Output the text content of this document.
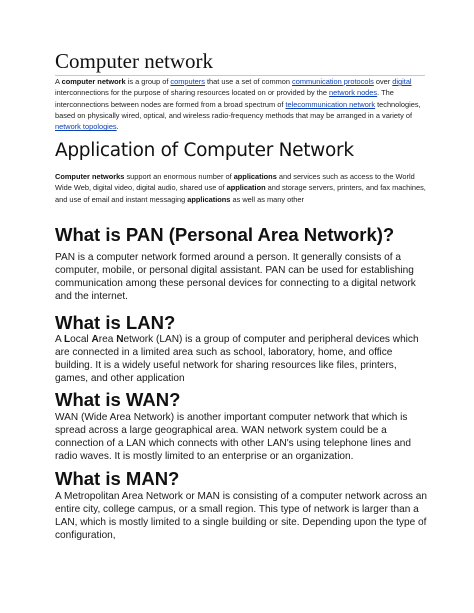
Computer network

A computer network is a group of computers that use a set of common communication protocols over digital interconnections for the purpose of sharing resources located on or provided by the network nodes. The interconnections between nodes are formed from a broad spectrum of telecommunication network technologies, based on physically wired, optical, and wireless radio-frequency methods that may be arranged in a variety of network topologies.

Application of Computer Network

Computer networks support an enormous number of applications and services such as access to the World Wide Web, digital video, digital audio, shared use of application and storage servers, printers, and fax machines, and use of email and instant messaging applications as well as many other

What is PAN (Personal Area Network)?

PAN is a computer network formed around a person. It generally consists of a computer, mobile, or personal digital assistant. PAN can be used for establishing communication among these personal devices for connecting to a digital network and the internet.

What is LAN?

A Local Area Network (LAN) is a group of computer and peripheral devices which are connected in a limited area such as school, laboratory, home, and office building. It is a widely useful network for sharing resources like files, printers, games, and other application

What is WAN?

WAN (Wide Area Network) is another important computer network that which is spread across a large geographical area. WAN network system could be a connection of a LAN which connects with other LAN's using telephone lines and radio waves. It is mostly limited to an enterprise or an organization.

What is MAN?

A Metropolitan Area Network or MAN is consisting of a computer network across an entire city, college campus, or a small region. This type of network is larger than a LAN, which is mostly limited to a single building or site. Depending upon the type of configuration,
